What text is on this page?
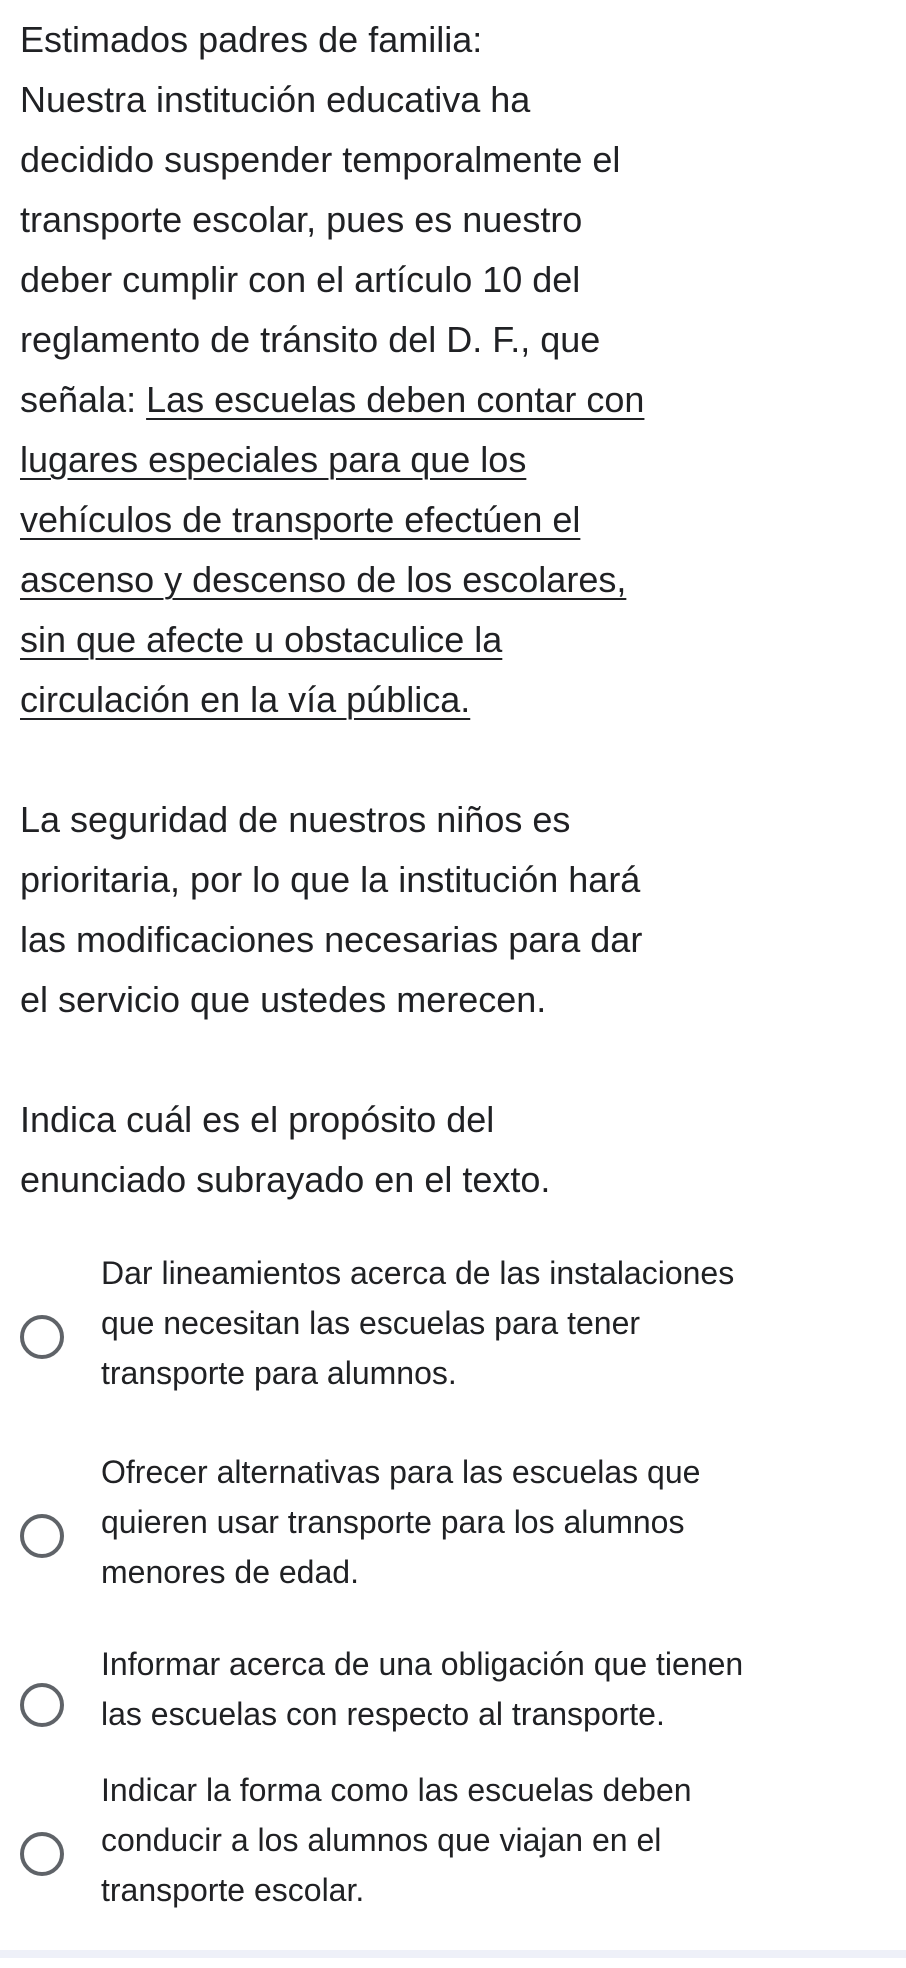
Estimados padres de familia:
Nuestra institución educativa ha
decidido suspender temporalmente el
transporte escolar, pues es nuestro
deber cumplir con el artículo 10 del
reglamento de tránsito del D. F., que
señala: Las escuelas deben contar con
lugares especiales para que los
vehículos de transporte efectúen el
ascenso y descenso de los escolares,
sin que afecte u obstaculice la
circulación en la vía pública.

La seguridad de nuestros niños es
prioritaria, por lo que la institución hará
las modificaciones necesarias para dar
el servicio que ustedes merecen.

Indica cuál es el propósito del
enunciado subrayado en el texto.
Dar lineamientos acerca de las instalaciones
que necesitan las escuelas para tener
transporte para alumnos.
Ofrecer alternativas para las escuelas que
quieren usar transporte para los alumnos
menores de edad.
Informar acerca de una obligación que tienen
las escuelas con respecto al transporte.
Indicar la forma como las escuelas deben
conducir a los alumnos que viajan en el
transporte escolar.
